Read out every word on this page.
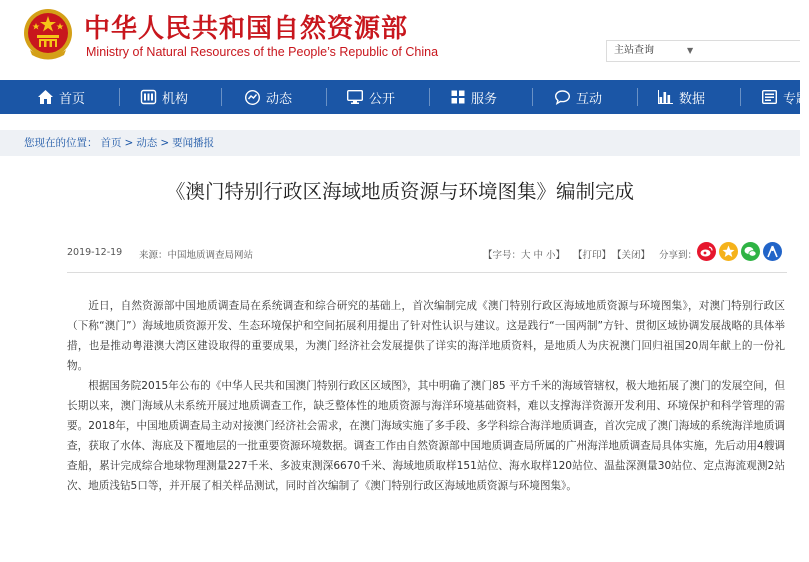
中华人民共和国自然资源部
Ministry of Natural Resources of the People’s Republic of China	主站查询	▼
首页	机构	动态	公开	服务	互动	数据	专题
您现在的位置： 首页 > 动态 > 要闻播报
《澳门特别行政区海域地质资源与环境图集》编制完成
2019-12-19 来源：中国地质调查局网站	【字号：大 中 小】 【打印】 【关闭】 分享到：

近日，自然资源部中国地质调查局在系统调查和综合研究的基础上，首次编制完成《澳门特别行政区海域地质资源与环境图集》，对澳门特别行政区（下称“澳门”）海域地质资源开发、生态环境保护和空间拓展利用提出了针对性认识与建议。这是践行“一国两制”方针、贯彻区域协调发展战略的具体举措，也是推动粤港澳大湾区建设取得的重要成果，为澳门经济社会发展提供了详实的海洋地质资料，是地质人为庆祝澳门回归祖国20周年献上的一份礼物。

根据国务院2015年公布的《中华人民共和国澳门特别行政区区域图》，其中明确了澳门85 平方千米的海域管辖权，极大地拓展了澳门的发展空间，但长期以来，澳门海域从未系统开展过地质调查工作，缺乏整体性的地质资源与海洋环境基础资料，难以支撑海洋资源开发利用、环境保护和科学管理的需要。2018年，中国地质调查局主动对接澳门经济社会需求，在澳门海域实施了多手段、多学科综合海洋地质调查，首次完成了澳门海域的系统海洋地质调查，获取了水体、海底及下覆地层的一批重要资源环境数据。调查工作由自然资源部中国地质调查局所属的广州海洋地质调查局具体实施，先后动用4艘调查船，累计完成综合地球物理测量227千米、多波束测深6670千米、海域地质取样151站位、海水取样120站位、温盐深测量30站位、定点海流观测2站次、地质浅钻5口等，并开展了相关样品测试，同时首次编制了《澳门特别行政区海域地质资源与环境图集》。
